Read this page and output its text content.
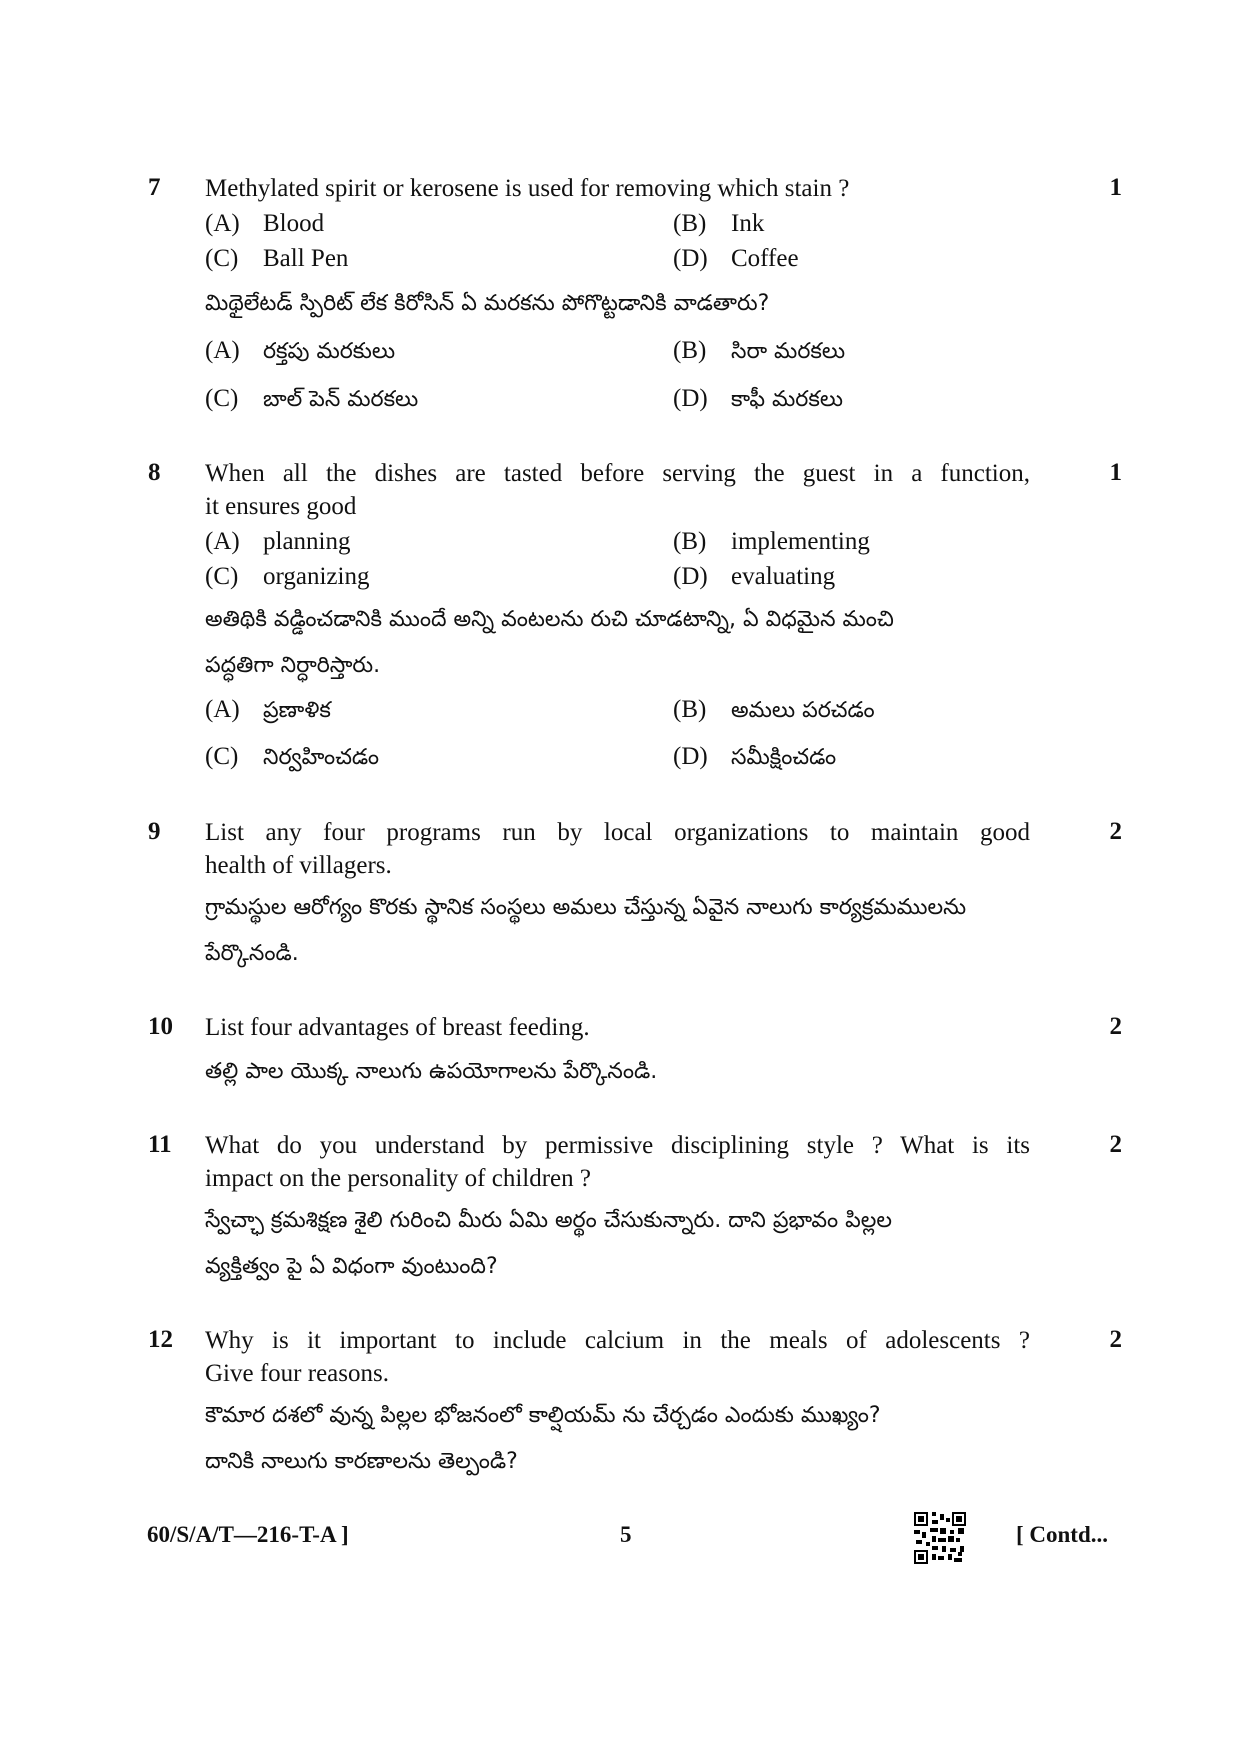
7	1
Methylated spirit or kerosene is used for removing which stain ?
(A) Blood	(B) Ink
(C) Ball Pen	(D) Coffee
మిథైలేటడ్ స్పిరిట్ లేక కిరోసిన్ ఏ మరకను పోగొట్టడానికి వాడతారు?
(A) రక్తపు మరకులు	(B) సిరా మరకలు
(C) బాల్ పెన్ మరకలు	(D) కాఫీ మరకలు
8	1
When all the dishes are tasted before serving the guest in a function,
it ensures good
(A) planning	(B) implementing
(C) organizing	(D) evaluating
అతిథికి వడ్డించడానికి ముందే అన్ని వంటలను రుచి చూడటాన్ని, ఏ విధమైన మంచి
పద్ధతిగా నిర్ధారిస్తారు.
(A) ప్రణాళిక	(B) అమలు పరచడం
(C) నిర్వహించడం	(D) సమీక్షించడం
9	2
List any four programs run by local organizations to maintain good
health of villagers.
గ్రామస్థుల ఆరోగ్యం కొరకు స్థానిక సంస్థలు అమలు చేస్తున్న ఏవైన నాలుగు కార్యక్రమములను
పేర్కొనండి.
10	2
List four advantages of breast feeding.
తల్లి పాల యొక్క నాలుగు ఉపయోగాలను పేర్కొనండి.
11	2
What do you understand by permissive disciplining style ? What is its
impact on the personality of children ?
స్వేచ్ఛా క్రమశిక్షణ శైలి గురించి మీరు ఏమి అర్థం చేసుకున్నారు. దాని ప్రభావం పిల్లల
వ్యక్తిత్వం పై ఏ విధంగా వుంటుంది?
12	2
Why is it important to include calcium in the meals of adolescents ?
Give four reasons.
కౌమార దశలో వున్న పిల్లల భోజనంలో కాల్షియమ్ ను చేర్చడం ఎందుకు ముఖ్యం?
దానికి నాలుగు కారణాలను తెల్పండి?
60/S/A/T—216-T-A ]	5	[ Contd...
